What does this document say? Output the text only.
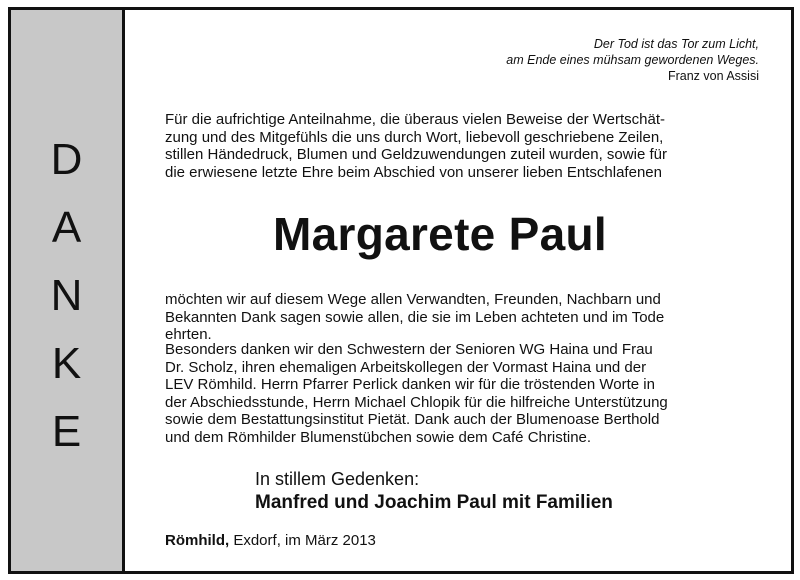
D
A
N
K
E
Der Tod ist das Tor zum Licht,
am Ende eines mühsam gewordenen Weges.
Franz von Assisi
Für die aufrichtige Anteilnahme, die überaus vielen Beweise der Wertschät-
zung und des Mitgefühls die uns durch Wort, liebevoll geschriebene Zeilen,
stillen Händedruck, Blumen und Geldzuwendungen zuteil wurden, sowie für
die erwiesene letzte Ehre beim Abschied von unserer lieben Entschlafenen
Margarete Paul
möchten wir auf diesem Wege allen Verwandten, Freunden, Nachbarn und
Bekannten Dank sagen sowie allen, die sie im Leben achteten und im Tode
ehrten.
Besonders danken wir den Schwestern der Senioren WG Haina und Frau
Dr. Scholz, ihren ehemaligen Arbeitskollegen der Vormast Haina und der
LEV Römhild. Herrn Pfarrer Perlick danken wir für die tröstenden Worte in
der Abschiedsstunde, Herrn Michael Chlopik für die hilfreiche Unterstützung
sowie dem Bestattungsinstitut Pietät. Dank auch der Blumenoase Berthold
und dem Römhilder Blumenstübchen sowie dem Café Christine.
In stillem Gedenken:
Manfred und Joachim Paul mit Familien
Römhild, Exdorf, im März 2013
